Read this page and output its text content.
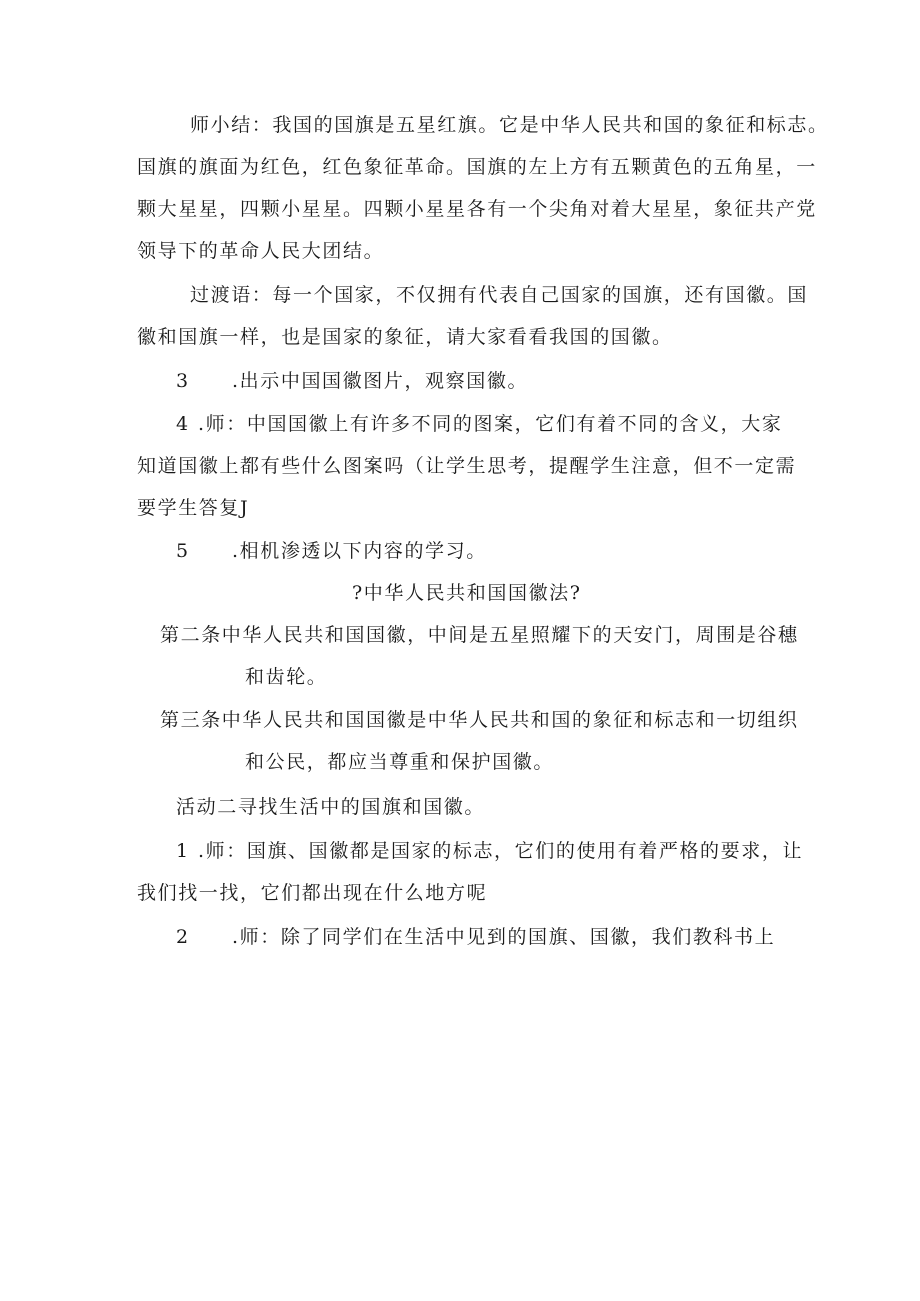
师小结：我国的国旗是五星红旗。它是中华人民共和国的象征和标志。
国旗的旗面为红色，红色象征革命。国旗的左上方有五颗黄色的五角星，一
颗大星星，四颗小星星。四颗小星星各有一个尖角对着大星星，象征共产党
领导下的革命人民大团结。
过渡语：每一个国家，不仅拥有代表自己国家的国旗，还有国徽。国
徽和国旗一样，也是国家的象征，请大家看看我国的国徽。
3 .出示中国国徽图片，观察国徽。
4 .师：中国国徽上有许多不同的图案，它们有着不同的含义，大家
知道国徽上都有些什么图案吗（让学生思考，提醒学生注意，但不一定需
要学生答复J
5 .相机渗透以下内容的学习。
?中华人民共和国国徽法?
第二条中华人民共和国国徽，中间是五星照耀下的天安门，周围是谷穗
和齿轮。
第三条中华人民共和国国徽是中华人民共和国的象征和标志和一切组织
和公民，都应当尊重和保护国徽。
活动二寻找生活中的国旗和国徽。
1 .师：国旗、国徽都是国家的标志，它们的使用有着严格的要求，让
我们找一找，它们都出现在什么地方呢
2 .师：除了同学们在生活中见到的国旗、国徽，我们教科书上
